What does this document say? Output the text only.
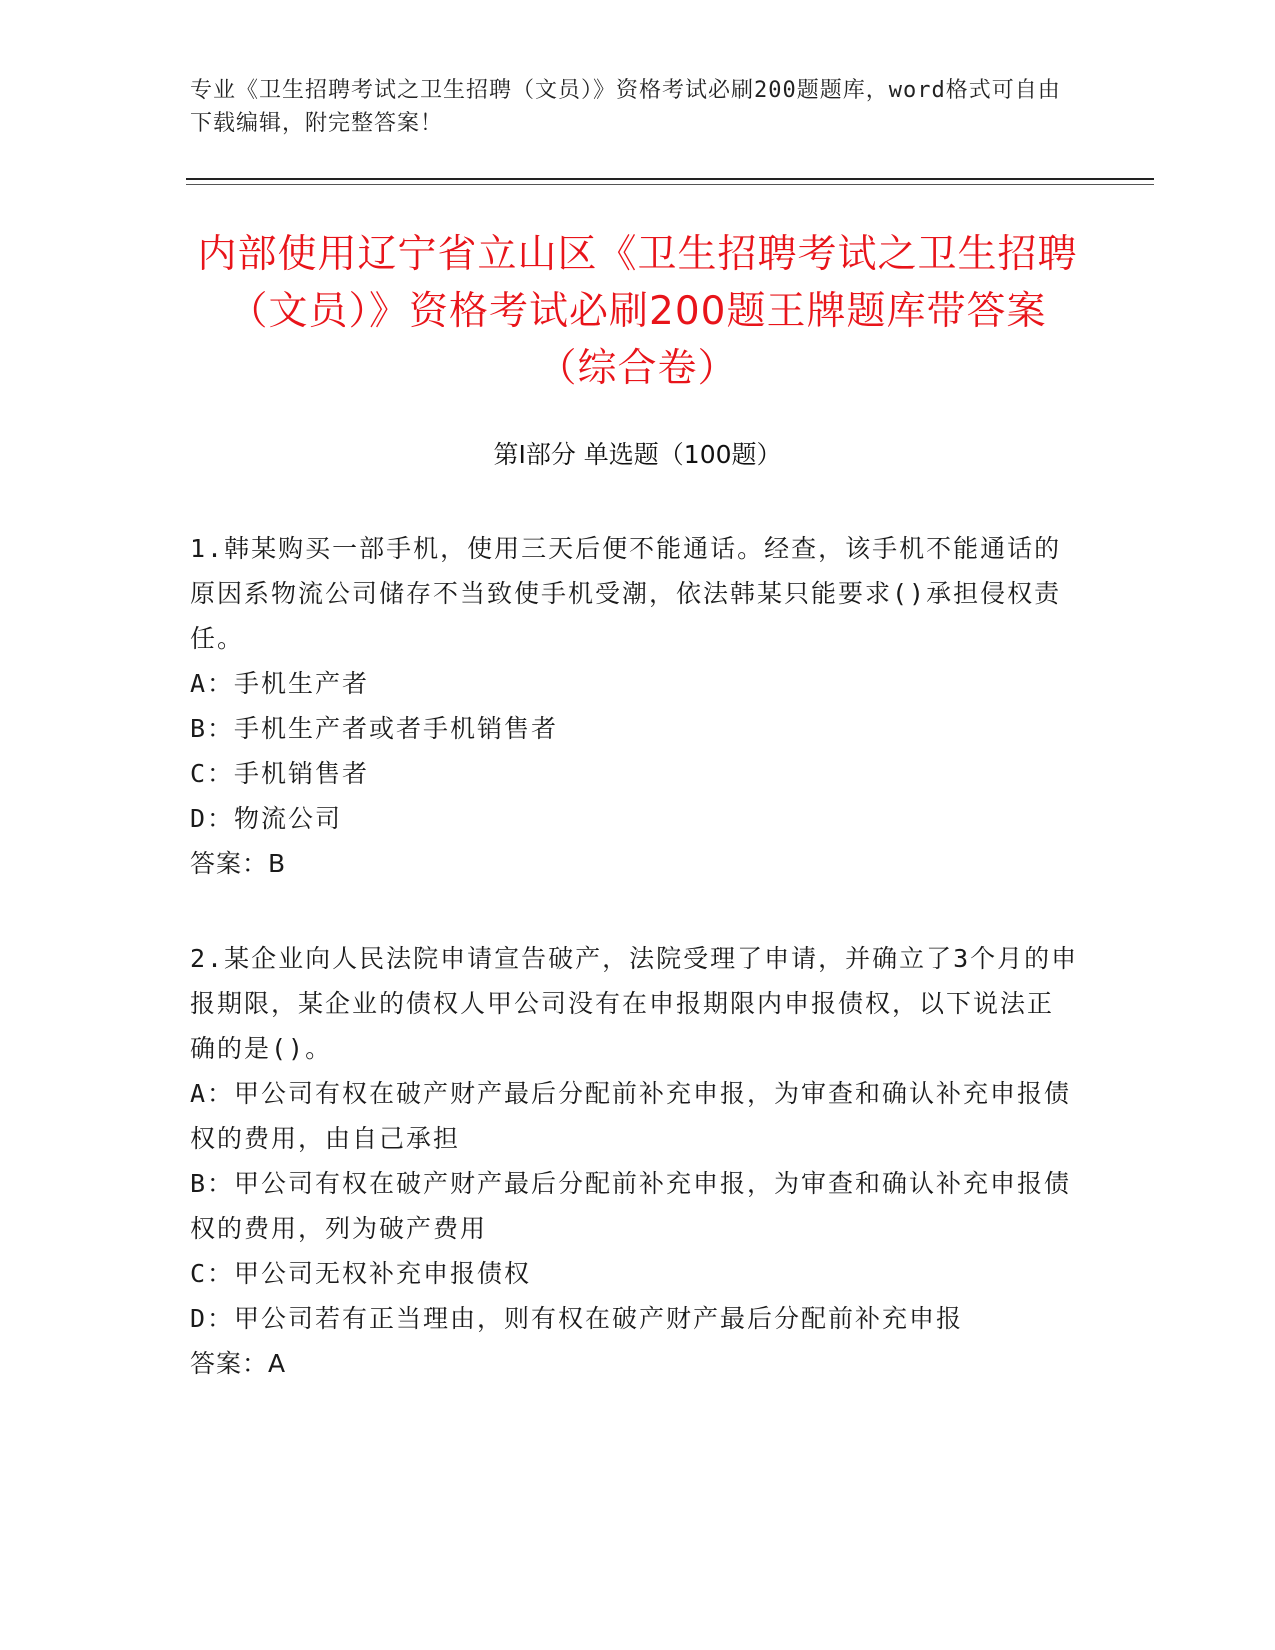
专业《卫生招聘考试之卫生招聘（文员）》资格考试必刷200题题库，word格式可自由下载编辑，附完整答案！
内部使用辽宁省立山区《卫生招聘考试之卫生招聘（文员）》资格考试必刷200题王牌题库带答案（综合卷）
第Ⅰ部分 单选题（100题）
1.韩某购买一部手机，使用三天后便不能通话。经查，该手机不能通话的原因系物流公司储存不当致使手机受潮，依法韩某只能要求()承担侵权责任。
A：手机生产者
B：手机生产者或者手机销售者
C：手机销售者
D：物流公司
答案：B
2.某企业向人民法院申请宣告破产，法院受理了申请，并确立了3个月的申报期限，某企业的债权人甲公司没有在申报期限内申报债权，以下说法正确的是()。
A：甲公司有权在破产财产最后分配前补充申报，为审查和确认补充申报债权的费用，由自己承担
B：甲公司有权在破产财产最后分配前补充申报，为审查和确认补充申报债权的费用，列为破产费用
C：甲公司无权补充申报债权
D：甲公司若有正当理由，则有权在破产财产最后分配前补充申报
答案：A
